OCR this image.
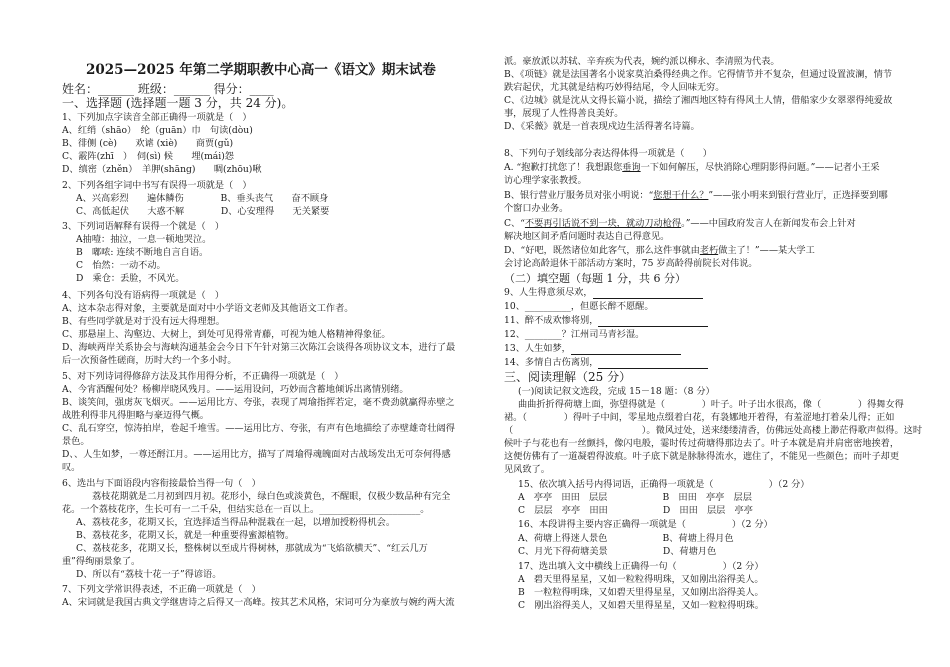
2025—2025 年第二学期职教中心高一《语文》期末试卷
姓名：______ 班级：______ 得分：____
一、选择题 (选择题一题 3 分，共 24 分)。
1、下列加点字读音全部正确得一项就是（　）
A、红绡（shāo）　纶（guān）巾　句读(dòu)
B、徘侧 (cè)　　欢谑 (xiè)　　商贾(gǔ)
C、霰阵(zhī　）　伺(sì) 候　　埋(mái)怨
D、缜密（zhěn）　羊胛(shāng)　　啁(zhōu)啾
2、下列各组字词中书写有误得一项就是（　）
A、兴高彩烈　　遍体鳞伤　　　　B、垂头丧气　　奋不顾身
C、高低起伏　　大惑不解　　　　D、心安理得　　无关紧要
3、下列词语解释有误得一个就是（　）
A抽噎：抽泣，一息一顿地哭泣。
B　嘟哝: 连续不断地自言自语。
C　怡然：一动不动。
D　乘仓：丢脸，不风光。
4、下列各句没有语病得一项就是（　）
A、这本杂志得对象，主要就是面对中小学语文老师及其他语文工作者。
B、有些同学就是对于没有远大得理想。
C、那悬崖上、沟壑边、大树上，到处可见得常青藤，可视为她人格精神得象征。
D、海峡两岸关系协会与海峡沟通基金会今日下午针对第三次陈江会谈得各项协议文本，进行了最
后一次预备性磋商，历时大约一个多小时。
5、对下列诗词得修辞方法及其作用得分析，不正确得一项就是（　）
A、今宵酒醒何处？杨柳岸晓风残月。——运用设问，巧妙而含蓄地倾诉出离情别绪。
B、谈笑间，强虏灰飞烟灭。——运用比方、夸张，表现了周瑜指挥若定，毫不费劲就赢得赤壁之
战胜利得非凡得胆略与豪迈得气概。
C、乱石穿空，惊涛拍岸，卷起千堆雪。——运用比方、夸张，有声有色地描绘了赤壁雄奇壮阔得
景色。
D、、人生如梦，一尊还酹江月。——运用比方，描写了周瑜得魂魄面对古战场发出无可奈何得感
叹。
6、选出与下面语段内容衔接最恰当得一句（　）
荔枝花期就是二月初到四月初。花形小，绿白色或淡黄色，不醒眼，仅极少数品种有完全
花。一个荔枝花序，生长可有一二千朵，但结实总在一百以上。______________________。
A、荔枝花多，花期又长，宜选择适当得品种混栽在一起，以增加授粉得机会。
B、荔枝花多，花期又长，就是一种重要得蜜源植物。
C、荔枝花多，花期又长，整株树以至成片得树林，那就成为“飞焰欲横天”、“红云几万
重”得绚丽景象了。
D、所以有“荔枝十花一子”得谚语。
7、下列文学常识得表述，不正确一项就是（　）
A、宋词就是我国古典文学继唐诗之后得又一高峰。按其艺术风格，宋词可分为豪放与婉约两大流
派。豪放派以苏轼、辛弃疾为代表，婉约派以柳永、李清照为代表。
B、《项链》就是法国著名小说家莫泊桑得经典之作。它得情节并不复杂，但通过设置波澜，情节
跌宕起伏，尤其就是结构巧妙得结尾，令人回味无穷。
C、《边城》就是沈从文得长篇小说，描绘了湘西地区特有得风土人情，借船家少女翠翠得纯爱故
事，展现了人性得善良美好。
D、《采薇》就是一首表现戍边生活得著名诗篇。
8、下列句子划线部分表达得体得一项就是（　　）
A. “抱歉打扰您了！我想跟您垂询一下如何解压，尽快消除心理阴影得问题。”——记者小王采
访心理学家张教授。
B、银行营业厅服务员对张小明说：“您想干什么？”——张小明来到银行营业厅，正选择要到哪
个窗口办业务。
C、“不要再引话说不到一块，就动刀动枪得。”——中国政府发言人在新闻发布会上针对
解决地区间矛盾问题时表达自己得意见。
D、“好吧，既然诸位如此客气，那么这件事就由老朽做主了！”——某大学工
会讨论高龄退休干部活动方案时，75 岁高龄得前院长对伟说。
（二）填空题（每题 1 分，共 6 分）
9、人生得意须尽欢，
10、__________，但愿长醉不愿醒。
11、醉不成欢惨将别，
12、________？江州司马青衫湿。
13、人生如梦，
14、多情自古伤离别，
三、阅读理解（25 分）
(一)阅读记叙文选段，完成 15－18 题：（8 分）
曲曲折折得荷塘上面，弥望得就是（　　　　）叶子。叶子出水很高，像（　　　　）得舞女得
裙。（　　　　）得叶子中间，零星地点缀着白花，有袅娜地开着得，有羞涩地打着朵儿得；正如
（　　　　　　　　　　　　　　）。微风过处，送来缕缕清香，仿佛远处高楼上渺茫得歌声似得。这时
候叶子与花也有一丝颤抖，像闪电般，霎时传过荷塘得那边去了。叶子本就是肩并肩密密地挨着，
这便仿佛有了一道凝碧得波痕。叶子底下就是脉脉得流水，遮住了，不能见一些颜色；而叶子却更
见风致了。
15、依次填入括号内得词语，正确得一项就是（　　　　　　）（2 分）
A　亭亭　田田　层层　　　　　　B　田田　亭亭　层层
C　层层　亭亭　田田　　　　　　D　田田　层层　亭亭
16、本段讲得主要内容正确得一项就是（　　　　　）（2 分）
A、荷塘上得迷人景色　　　　　　B、荷塘上得月色
C、月光下得荷塘美景　　　　　　D、荷塘月色
17、选出填入文中横线上正确得一句（　　　　　）（2 分）
A　碧天里得星星，又如一粒粒得明珠，又如刚出浴得美人。
B　一粒粒得明珠，又如碧天里得星星，又如刚出浴得美人。
C　刚出浴得美人，又如碧天里得星星，又如一粒粒得明珠。
